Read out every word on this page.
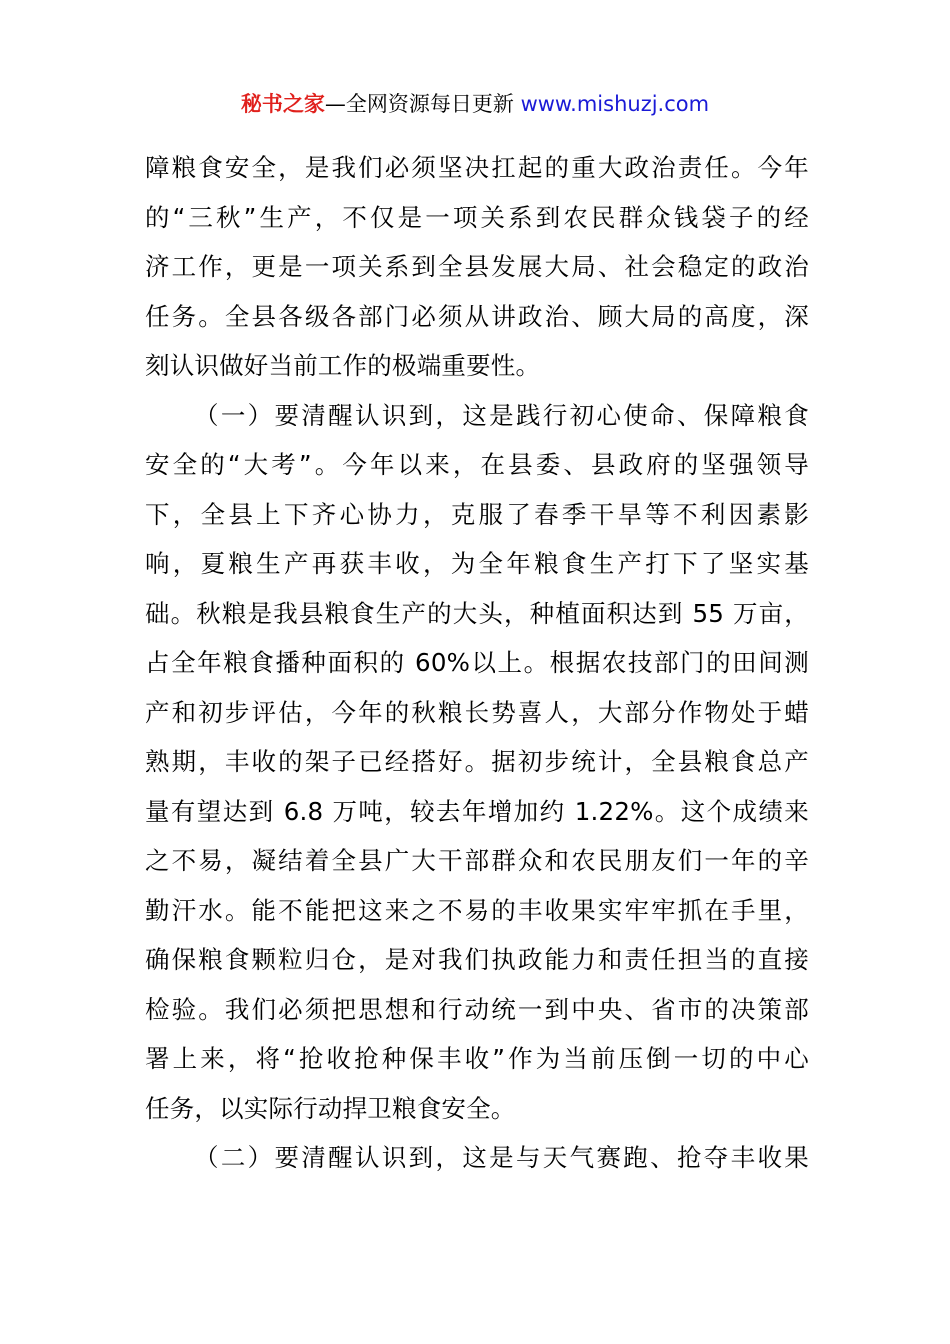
秘书之家—全网资源每日更新 www.mishuzj.com
障粮食安全，是我们必须坚决扛起的重大政治责任。今年
的“三秋”生产，不仅是一项关系到农民群众钱袋子的经
济工作，更是一项关系到全县发展大局、社会稳定的政治
任务。全县各级各部门必须从讲政治、顾大局的高度，深
刻认识做好当前工作的极端重要性。
（一）要清醒认识到，这是践行初心使命、保障粮食
安全的“大考”。今年以来，在县委、县政府的坚强领导
下，全县上下齐心协力，克服了春季干旱等不利因素影
响，夏粮生产再获丰收，为全年粮食生产打下了坚实基
础。秋粮是我县粮食生产的大头，种植面积达到 55 万亩，
占全年粮食播种面积的 60%以上。根据农技部门的田间测
产和初步评估，今年的秋粮长势喜人，大部分作物处于蜡
熟期，丰收的架子已经搭好。据初步统计，全县粮食总产
量有望达到 6.8 万吨，较去年增加约 1.22%。这个成绩来
之不易，凝结着全县广大干部群众和农民朋友们一年的辛
勤汗水。能不能把这来之不易的丰收果实牢牢抓在手里，
确保粮食颗粒归仓，是对我们执政能力和责任担当的直接
检验。我们必须把思想和行动统一到中央、省市的决策部
署上来，将“抢收抢种保丰收”作为当前压倒一切的中心
任务，以实际行动捍卫粮食安全。
（二）要清醒认识到，这是与天气赛跑、抢夺丰收果
